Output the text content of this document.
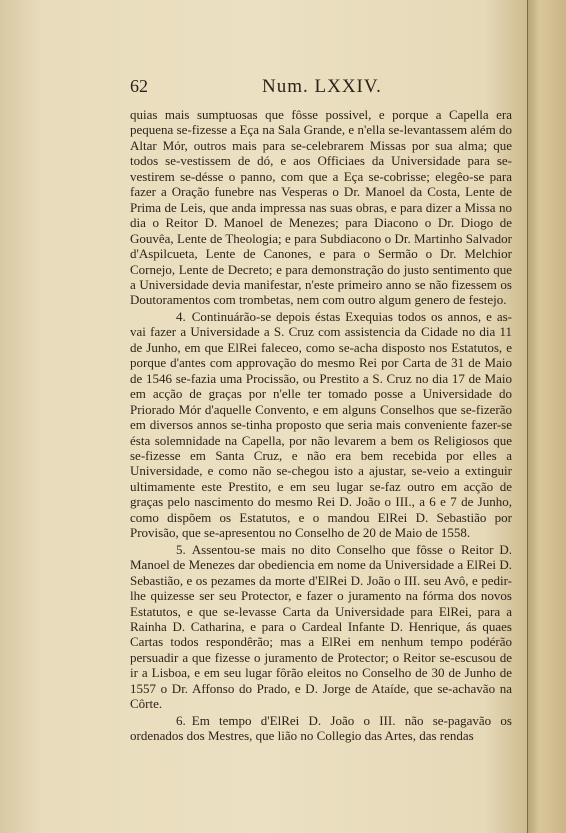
62	Num. LXXIV.

quias mais sumptuosas que fôsse possivel, e porque a Capella era pequena se-fizesse a Eça na Sala Grande, e n'ella se-levantassem além do Altar Mór, outros mais para se-celebrarem Missas por sua alma; que todos se-vestissem de dó, e aos Officiaes da Universidade para se-vestirem se-désse o panno, com que a Eça se-cobrisse; elegêo-se para fazer a Oração funebre nas Vesperas o Dr. Manoel da Costa, Lente de Prima de Leis, que anda impressa nas suas obras, e para dizer a Missa no dia o Reitor D. Manoel de Menezes; para Diacono o Dr. Diogo de Gouvêa, Lente de Theologia; e para Subdiacono o Dr. Martinho Salvador d'Aspilcueta, Lente de Canones, e para o Sermão o Dr. Melchior Cornejo, Lente de Decreto; e para demonstração do justo sentimento que a Universidade devia manifestar, n'este primeiro anno se não fizessem os Doutoramentos com trombetas, nem com outro algum genero de festejo.

4. Continuárão-se depois éstas Exequias todos os annos, e as-vai fazer a Universidade a S. Cruz com assistencia da Cidade no dia 11 de Junho, em que ElRei faleceo, como se-acha disposto nos Estatutos, e porque d'antes com approvação do mesmo Rei por Carta de 31 de Maio de 1546 se-fazia uma Procissão, ou Prestito a S. Cruz no dia 17 de Maio em acção de graças por n'elle ter tomado posse a Universidade do Priorado Mór d'aquelle Convento, e em alguns Conselhos que se-fizerão em diversos annos se-tinha proposto que seria mais conveniente fazer-se ésta solemnidade na Capella, por não levarem a bem os Religiosos que se-fizesse em Santa Cruz, e não era bem recebida por elles a Universidade, e como não se-chegou isto a ajustar, se-veio a extinguir ultimamente este Prestito, e em seu lugar se-faz outro em acção de graças pelo nascimento do mesmo Rei D. João o III., a 6 e 7 de Junho, como dispõem os Estatutos, e o mandou ElRei D. Sebastião por Provisão, que se-apresentou no Conselho de 20 de Maio de 1558.

5. Assentou-se mais no dito Conselho que fôsse o Reitor D. Manoel de Menezes dar obediencia em nome da Universidade a ElRei D. Sebastião, e os pezames da morte d'ElRei D. João o III. seu Avô, e pedir-lhe quizesse ser seu Protector, e fazer o juramento na fórma dos novos Estatutos, e que se-levasse Carta da Universidade para ElRei, para a Rainha D. Catharina, e para o Cardeal Infante D. Henrique, ás quaes Cartas todos respondêrão; mas a ElRei em nenhum tempo podérão persuadir a que fizesse o juramento de Protector; o Reitor se-escusou de ir a Lisboa, e em seu lugar fôrão eleitos no Conselho de 30 de Junho de 1557 o Dr. Affonso do Prado, e D. Jorge de Ataíde, que se-achavão na Côrte.

6. Em tempo d'ElRei D. João o III. não se-pagavão os ordenados dos Mestres, que lião no Collegio das Artes, das rendas
